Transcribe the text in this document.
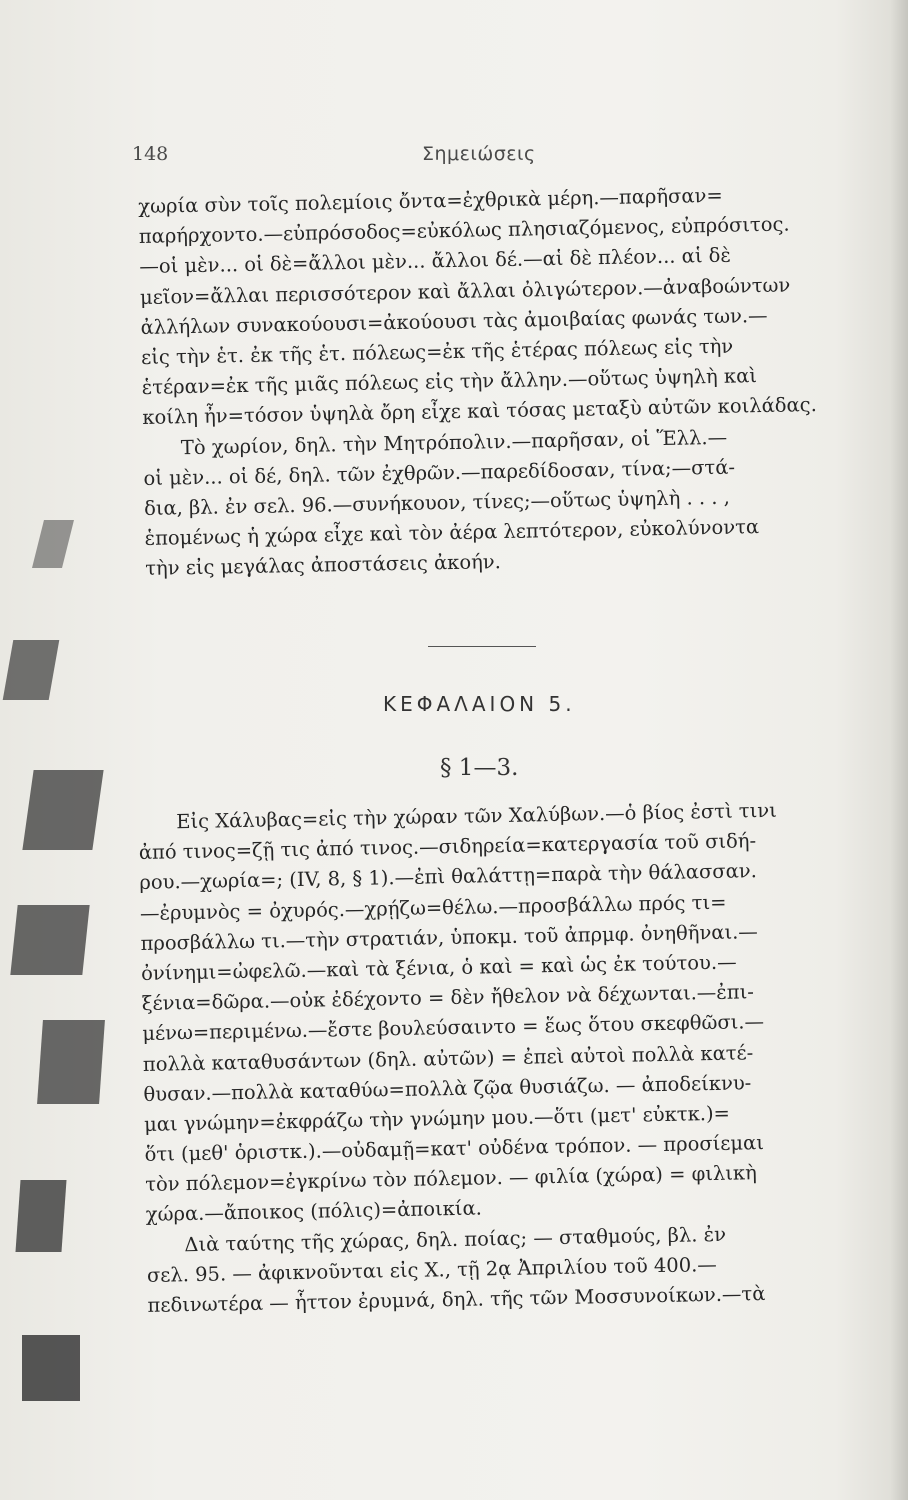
148	Σημειώσεις
χωρία σὺν τοῖς πολεμίοις ὄντα=ἐχθρικὰ μέρη.—παρῆσαν=
παρήρχοντο.—εὐπρόσοδος=εὐκόλως πλησιαζόμενος, εὐπρόσιτος.
—οἱ μὲν... οἱ δὲ=ἄλλοι μὲν... ἄλλοι δέ.—αἱ δὲ πλέον... αἱ δὲ
μεῖον=ἄλλαι περισσότερον καὶ ἄλλαι ὀλιγώτερον.—ἀναβοώντων
ἀλλήλων συνακούουσι=ἀκούουσι τὰς ἀμοιβαίας φωνάς των.—
εἰς τὴν ἑτ. ἐκ τῆς ἑτ. πόλεως=ἐκ τῆς ἑτέρας πόλεως εἰς τὴν
ἑτέραν=ἐκ τῆς μιᾶς πόλεως εἰς τὴν ἄλλην.—οὕτως ὑψηλὴ καὶ
κοίλη ἦν=τόσον ὑψηλὰ ὄρη εἶχε καὶ τόσας μεταξὺ αὐτῶν κοιλάδας.
Τὸ χωρίον, δηλ. τὴν Μητρόπολιν.—παρῆσαν, οἱ Ἕλλ.—
οἱ μὲν... οἱ δέ, δηλ. τῶν ἐχθρῶν.—παρεδίδοσαν, τίνα;—στά-
δια, βλ. ἐν σελ. 96.—συνήκουον, τίνες;—οὕτως ὑψηλὴ . . . ,
ἑπομένως ἡ χώρα εἶχε καὶ τὸν ἀέρα λεπτότερον, εὐκολύνοντα
τὴν εἰς μεγάλας ἀποστάσεις ἀκοήν.
ΚΕΦΑΛΑΙΟΝ 5.
§ 1—3.
Εἰς Χάλυβας=εἰς τὴν χώραν τῶν Χαλύβων.—ὁ βίος ἐστὶ τινι
ἀπό τινος=ζῇ τις ἀπό τινος.—σιδηρεία=κατεργασία τοῦ σιδή-
ρου.—χωρία=; (IV, 8, § 1).—ἐπὶ θαλάττῃ=παρὰ τὴν θάλασσαν.
—ἐρυμνὸς = ὀχυρός.—χρῄζω=θέλω.—προσβάλλω πρός τι=
προσβάλλω τι.—τὴν στρατιάν, ὑποκμ. τοῦ ἀπρμφ. ὀνηθῆναι.—
ὀνίνημι=ὠφελῶ.—καὶ τὰ ξένια, ὁ καὶ = καὶ ὡς ἐκ τούτου.—
ξένια=δῶρα.—οὐκ ἐδέχοντο = δὲν ἤθελον νὰ δέχωνται.—ἐπι-
μένω=περιμένω.—ἔστε βουλεύσαιντο = ἕως ὅτου σκεφθῶσι.—
πολλὰ καταθυσάντων (δηλ. αὐτῶν) = ἐπεὶ αὐτοὶ πολλὰ κατέ-
θυσαν.—πολλὰ καταθύω=πολλὰ ζῷα θυσιάζω. — ἀποδείκνυ-
μαι γνώμην=ἐκφράζω τὴν γνώμην μου.—ὅτι (μετ' εὐκτκ.)=
ὅτι (μεθ' ὁριστκ.).—οὐδαμῇ=κατ' οὐδένα τρόπον. — προσίεμαι
τὸν πόλεμον=ἐγκρίνω τὸν πόλεμον. — φιλία (χώρα) = φιλικὴ
χώρα.—ἄποικος (πόλις)=ἀποικία.
Διὰ ταύτης τῆς χώρας, δηλ. ποίας; — σταθμούς, βλ. ἐν
σελ. 95. — ἀφικνοῦνται εἰς Χ., τῇ 2ᾳ Ἀπριλίου τοῦ 400.—
πεδινωτέρα — ἧττον ἐρυμνά, δηλ. τῆς τῶν Μοσσυνοίκων.—τὰ
